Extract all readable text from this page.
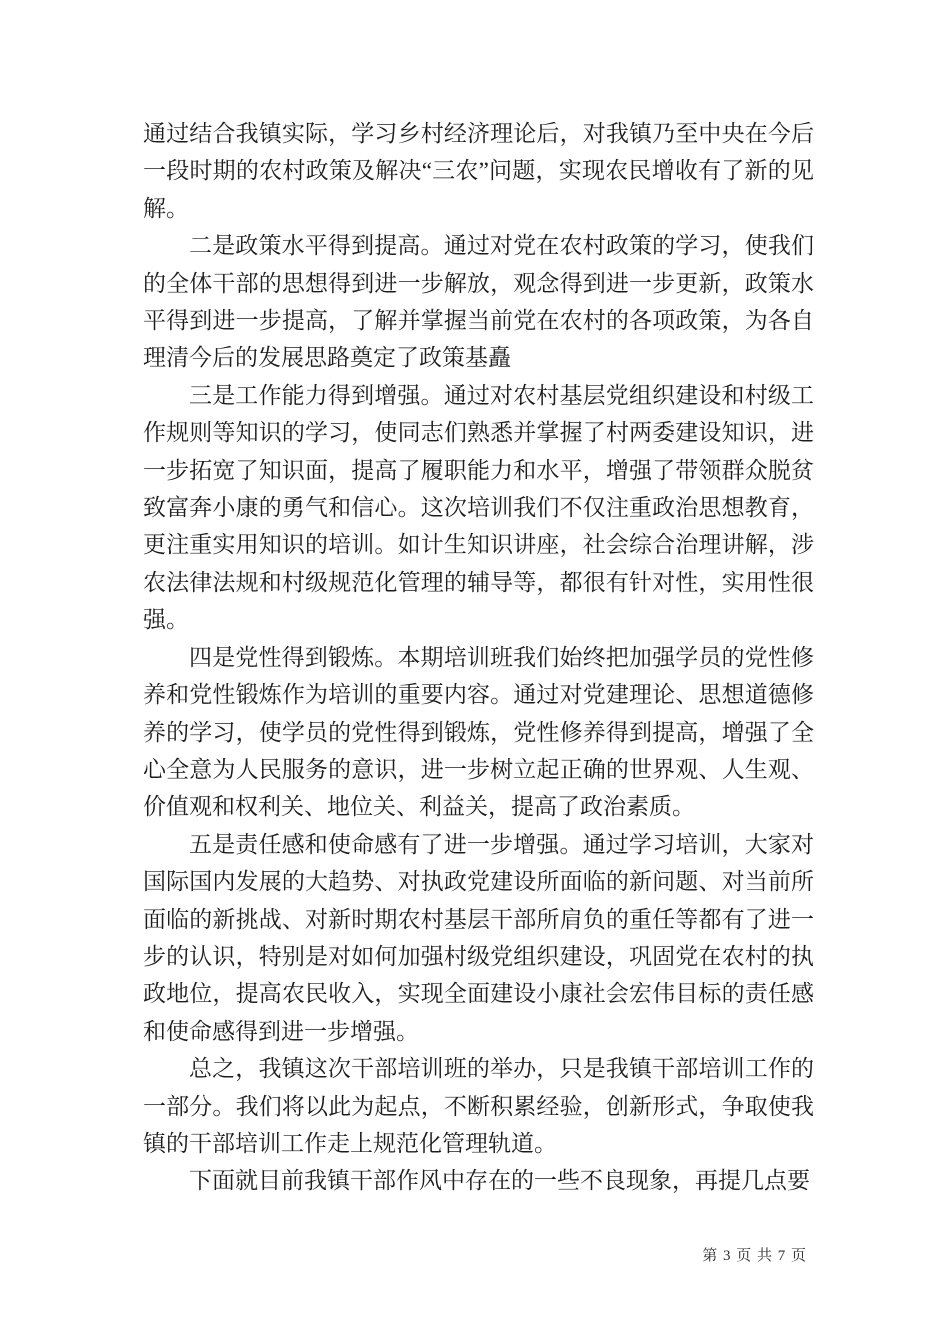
通过结合我镇实际，学习乡村经济理论后，对我镇乃至中央在今后一段时期的农村政策及解决“三农”问题，实现农民增收有了新的见解。

二是政策水平得到提高。通过对党在农村政策的学习，使我们的全体干部的思想得到进一步解放，观念得到进一步更新，政策水平得到进一步提高，了解并掌握当前党在农村的各项政策，为各自理清今后的发展思路奠定了政策基矗

三是工作能力得到增强。通过对农村基层党组织建设和村级工作规则等知识的学习，使同志们熟悉并掌握了村两委建设知识，进一步拓宽了知识面，提高了履职能力和水平，增强了带领群众脱贫致富奔小康的勇气和信心。这次培训我们不仅注重政治思想教育，更注重实用知识的培训。如计生知识讲座，社会综合治理讲解，涉农法律法规和村级规范化管理的辅导等，都很有针对性，实用性很强。

四是党性得到锻炼。本期培训班我们始终把加强学员的党性修养和党性锻炼作为培训的重要内容。通过对党建理论、思想道德修养的学习，使学员的党性得到锻炼，党性修养得到提高，增强了全心全意为人民服务的意识，进一步树立起正确的世界观、人生观、价值观和权利关、地位关、利益关，提高了政治素质。

五是责任感和使命感有了进一步增强。通过学习培训，大家对国际国内发展的大趋势、对执政党建设所面临的新问题、对当前所面临的新挑战、对新时期农村基层干部所肩负的重任等都有了进一步的认识，特别是对如何加强村级党组织建设，巩固党在农村的执政地位，提高农民收入，实现全面建设小康社会宏伟目标的责任感和使命感得到进一步增强。

总之，我镇这次干部培训班的举办，只是我镇干部培训工作的一部分。我们将以此为起点，不断积累经验，创新形式，争取使我镇的干部培训工作走上规范化管理轨道。

下面就目前我镇干部作风中存在的一些不良现象，再提几点要

第 3 页 共 7 页
